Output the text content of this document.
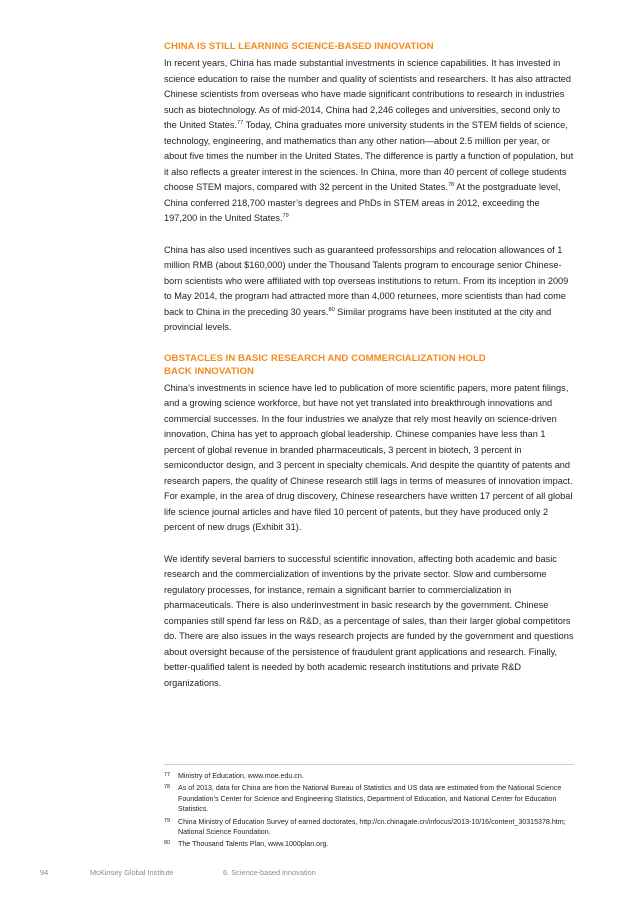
CHINA IS STILL LEARNING SCIENCE-BASED INNOVATION

In recent years, China has made substantial investments in science capabilities. It has invested in science education to raise the number and quality of scientists and researchers. It has also attracted Chinese scientists from overseas who have made significant contributions to research in industries such as biotechnology. As of mid-2014, China had 2,246 colleges and universities, second only to the United States.$^{77}$ Today, China graduates more university students in the STEM fields of science, technology, engineering, and mathematics than any other nation—about 2.5 million per year, or about five times the number in the United States. The difference is partly a function of population, but it also reflects a greater interest in the sciences. In China, more than 40 percent of college students choose STEM majors, compared with 32 percent in the United States.$^{78}$ At the postgraduate level, China conferred 218,700 master’s degrees and PhDs in STEM areas in 2012, exceeding the 197,200 in the United States.$^{79}$

China has also used incentives such as guaranteed professorships and relocation allowances of 1 million RMB (about $160,000) under the Thousand Talents program to encourage senior Chinese-born scientists who were affiliated with top overseas institutions to return. From its inception in 2009 to May 2014, the program had attracted more than 4,000 returnees, more scientists than had come back to China in the preceding 30 years.$^{80}$ Similar programs have been instituted at the city and provincial levels.

OBSTACLES IN BASIC RESEARCH AND COMMERCIALIZATION HOLD
BACK INNOVATION

China’s investments in science have led to publication of more scientific papers, more patent filings, and a growing science workforce, but have not yet translated into breakthrough innovations and commercial successes. In the four industries we analyze that rely most heavily on science-driven innovation, China has yet to approach global leadership. Chinese companies have less than 1 percent of global revenue in branded pharmaceuticals, 3 percent in biotech, 3 percent in semiconductor design, and 3 percent in specialty chemicals. And despite the quantity of patents and research papers, the quality of Chinese research still lags in terms of measures of innovation impact. For example, in the area of drug discovery, Chinese researchers have written 17 percent of all global life science journal articles and have filed 10 percent of patents, but they have produced only 2 percent of new drugs (Exhibit 31).

We identify several barriers to successful scientific innovation, affecting both academic and basic research and the commercialization of inventions by the private sector. Slow and cumbersome regulatory processes, for instance, remain a significant barrier to commercialization in pharmaceuticals. There is also underinvestment in basic research by the government. Chinese companies still spend far less on R&D, as a percentage of sales, than their larger global competitors do. There are also issues in the ways research projects are funded by the government and questions about oversight because of the persistence of fraudulent grant applications and research. Finally, better-qualified talent is needed by both academic research institutions and private R&D organizations.

77 Ministry of Education, www.moe.edu.cn.
78 As of 2013, data for China are from the National Bureau of Statistics and US data are estimated from the National Science Foundation’s Center for Science and Engineering Statistics, Department of Education, and National Center for Education Statistics.
79 China Ministry of Education Survey of earned doctorates, http://cn.chinagate.cn/infocus/2013-10/16/content_30315378.htm; National Science Foundation.
80 The Thousand Talents Plan, www.1000plan.org.
94	McKinsey Global Institute	6. Science-based innovation
